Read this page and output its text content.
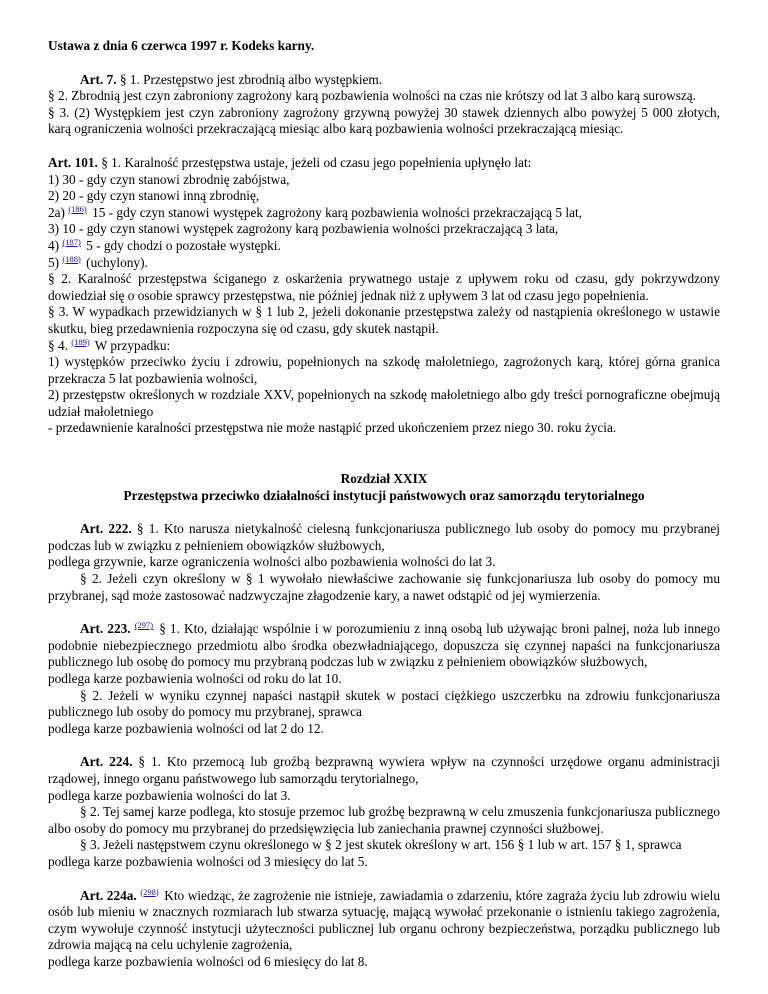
Ustawa z dnia 6 czerwca 1997 r. Kodeks karny.

Art. 7. § 1. Przestępstwo jest zbrodnią albo występkiem.

§ 2. Zbrodnią jest czyn zabroniony zagrożony karą pozbawienia wolności na czas nie krótszy od lat 3 albo karą surowszą.

§ 3. (2) Występkiem jest czyn zabroniony zagrożony grzywną powyżej 30 stawek dziennych albo powyżej 5 000 złotych, karą ograniczenia wolności przekraczającą miesiąc albo karą pozbawienia wolności przekraczającą miesiąc.

Art. 101. § 1. Karalność przestępstwa ustaje, jeżeli od czasu jego popełnienia upłynęło lat:

1) 30 - gdy czyn stanowi zbrodnię zabójstwa,

2) 20 - gdy czyn stanowi inną zbrodnię,

2a) $^{(186)}$ 15 - gdy czyn stanowi występek zagrożony karą pozbawienia wolności przekraczającą 5 lat,

3) 10 - gdy czyn stanowi występek zagrożony karą pozbawienia wolności przekraczającą 3 lata,

4) $^{(187)}$ 5 - gdy chodzi o pozostałe występki.

5) $^{(188)}$ (uchylony).

§ 2. Karalność przestępstwa ściganego z oskarżenia prywatnego ustaje z upływem roku od czasu, gdy pokrzywdzony dowiedział się o osobie sprawcy przestępstwa, nie później jednak niż z upływem 3 lat od czasu jego popełnienia.

§ 3. W wypadkach przewidzianych w § 1 lub 2, jeżeli dokonanie przestępstwa zależy od nastąpienia określonego w ustawie skutku, bieg przedawnienia rozpoczyna się od czasu, gdy skutek nastąpił.

§ 4. $^{(189)}$ W przypadku:

1) występków przeciwko życiu i zdrowiu, popełnionych na szkodę małoletniego, zagrożonych karą, której górna granica przekracza 5 lat pozbawienia wolności,

2) przestępstw określonych w rozdziale XXV, popełnionych na szkodę małoletniego albo gdy treści pornograficzne obejmują udział małoletniego

- przedawnienie karalności przestępstwa nie może nastąpić przed ukończeniem przez niego 30. roku życia.

Rozdział XXIX

Przestępstwa przeciwko działalności instytucji państwowych oraz samorządu terytorialnego

Art. 222. § 1. Kto narusza nietykalność cielesną funkcjonariusza publicznego lub osoby do pomocy mu przybranej podczas lub w związku z pełnieniem obowiązków służbowych,

podlega grzywnie, karze ograniczenia wolności albo pozbawienia wolności do lat 3.

§ 2. Jeżeli czyn określony w § 1 wywołało niewłaściwe zachowanie się funkcjonariusza lub osoby do pomocy mu przybranej, sąd może zastosować nadzwyczajne złagodzenie kary, a nawet odstąpić od jej wymierzenia.

Art. 223. $^{(297)}$ § 1. Kto, działając wspólnie i w porozumieniu z inną osobą lub używając broni palnej, noża lub innego podobnie niebezpiecznego przedmiotu albo środka obezwładniającego, dopuszcza się czynnej napaści na funkcjonariusza publicznego lub osobę do pomocy mu przybraną podczas lub w związku z pełnieniem obowiązków służbowych,

podlega karze pozbawienia wolności od roku do lat 10.

§ 2. Jeżeli w wyniku czynnej napaści nastąpił skutek w postaci ciężkiego uszczerbku na zdrowiu funkcjonariusza publicznego lub osoby do pomocy mu przybranej, sprawca

podlega karze pozbawienia wolności od lat 2 do 12.

Art. 224. § 1. Kto przemocą lub groźbą bezprawną wywiera wpływ na czynności urzędowe organu administracji rządowej, innego organu państwowego lub samorządu terytorialnego,

podlega karze pozbawienia wolności do lat 3.

§ 2. Tej samej karze podlega, kto stosuje przemoc lub groźbę bezprawną w celu zmuszenia funkcjonariusza publicznego albo osoby do pomocy mu przybranej do przedsięwzięcia lub zaniechania prawnej czynności służbowej.

§ 3. Jeżeli następstwem czynu określonego w § 2 jest skutek określony w art. 156 § 1 lub w art. 157 § 1, sprawca

podlega karze pozbawienia wolności od 3 miesięcy do lat 5.

Art. 224a. $^{(298)}$ Kto wiedząc, że zagrożenie nie istnieje, zawiadamia o zdarzeniu, które zagraża życiu lub zdrowiu wielu osób lub mieniu w znacznych rozmiarach lub stwarza sytuację, mającą wywołać przekonanie o istnieniu takiego zagrożenia, czym wywołuje czynność instytucji użyteczności publicznej lub organu ochrony bezpieczeństwa, porządku publicznego lub zdrowia mającą na celu uchylenie zagrożenia,

podlega karze pozbawienia wolności od 6 miesięcy do lat 8.
